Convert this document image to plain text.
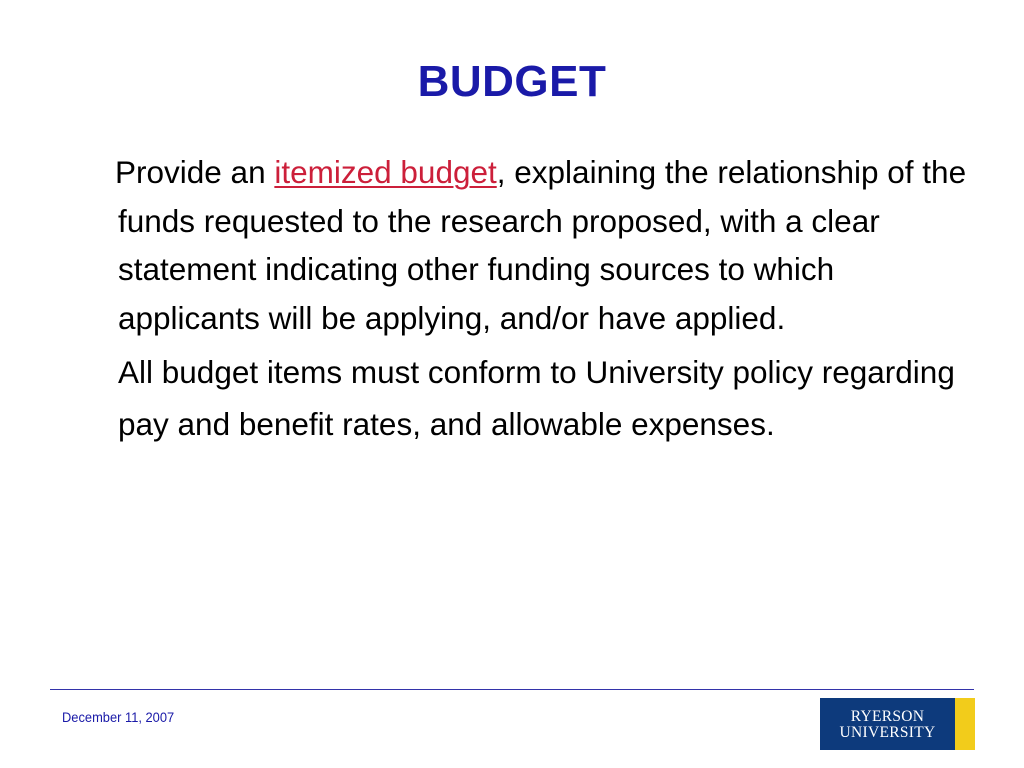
BUDGET

Provide an itemized budget, explaining the relationship of the funds requested to the research proposed, with a clear statement indicating other funding sources to which applicants will be applying, and/or have applied.

All budget items must conform to University policy regarding pay and benefit rates, and allowable expenses.

December 11, 2007	RYERSON
UNIVERSITY
